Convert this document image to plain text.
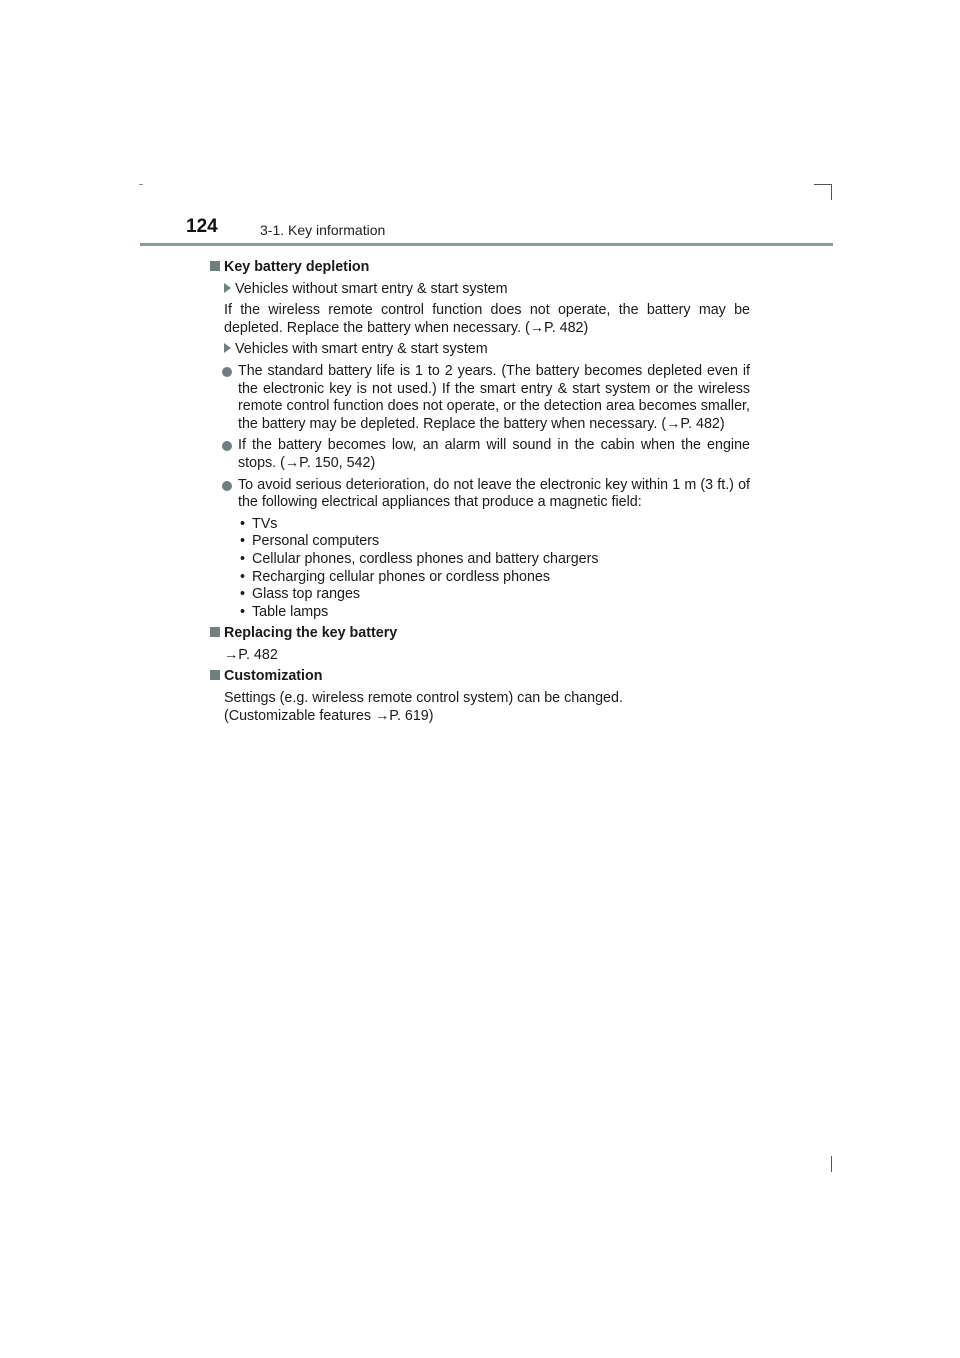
124	3-1. Key information
Key battery depletion
Vehicles without smart entry & start system
If the wireless remote control function does not operate, the battery may be depleted. Replace the battery when necessary. (→P. 482)
Vehicles with smart entry & start system
The standard battery life is 1 to 2 years. (The battery becomes depleted even if the electronic key is not used.) If the smart entry & start system or the wireless remote control function does not operate, or the detection area becomes smaller, the battery may be depleted. Replace the battery when necessary. (→P. 482)
If the battery becomes low, an alarm will sound in the cabin when the engine stops. (→P. 150, 542)
To avoid serious deterioration, do not leave the electronic key within 1 m (3 ft.) of the following electrical appliances that produce a magnetic field:
• TVs
• Personal computers
• Cellular phones, cordless phones and battery chargers
• Recharging cellular phones or cordless phones
• Glass top ranges
• Table lamps
Replacing the key battery
→P. 482
Customization
Settings (e.g. wireless remote control system) can be changed.
(Customizable features →P. 619)
